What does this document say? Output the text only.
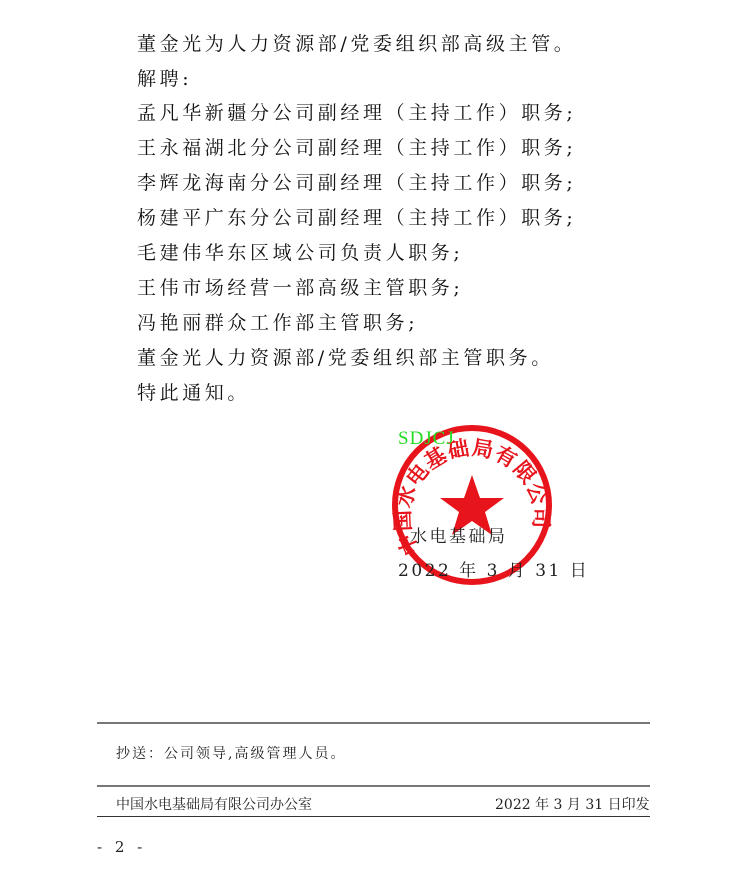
董金光为人力资源部/党委组织部高级主管。
解聘:
孟凡华新疆分公司副经理（主持工作）职务;
王永福湖北分公司副经理（主持工作）职务;
李辉龙海南分公司副经理（主持工作）职务;
杨建平广东分公司副经理（主持工作）职务;
毛建伟华东区域公司负责人职务;
王伟市场经营一部高级主管职务;
冯艳丽群众工作部主管职务;
董金光人力资源部/党委组织部主管职务。
特此通知。
中国水电基础局有限公司
SDJCJ
水电基础局
2022 年 3 月 31 日
抄送：公司领导,高级管理人员。
中国水电基础局有限公司办公室	2022 年 3 月 31 日印发
- 2 -
